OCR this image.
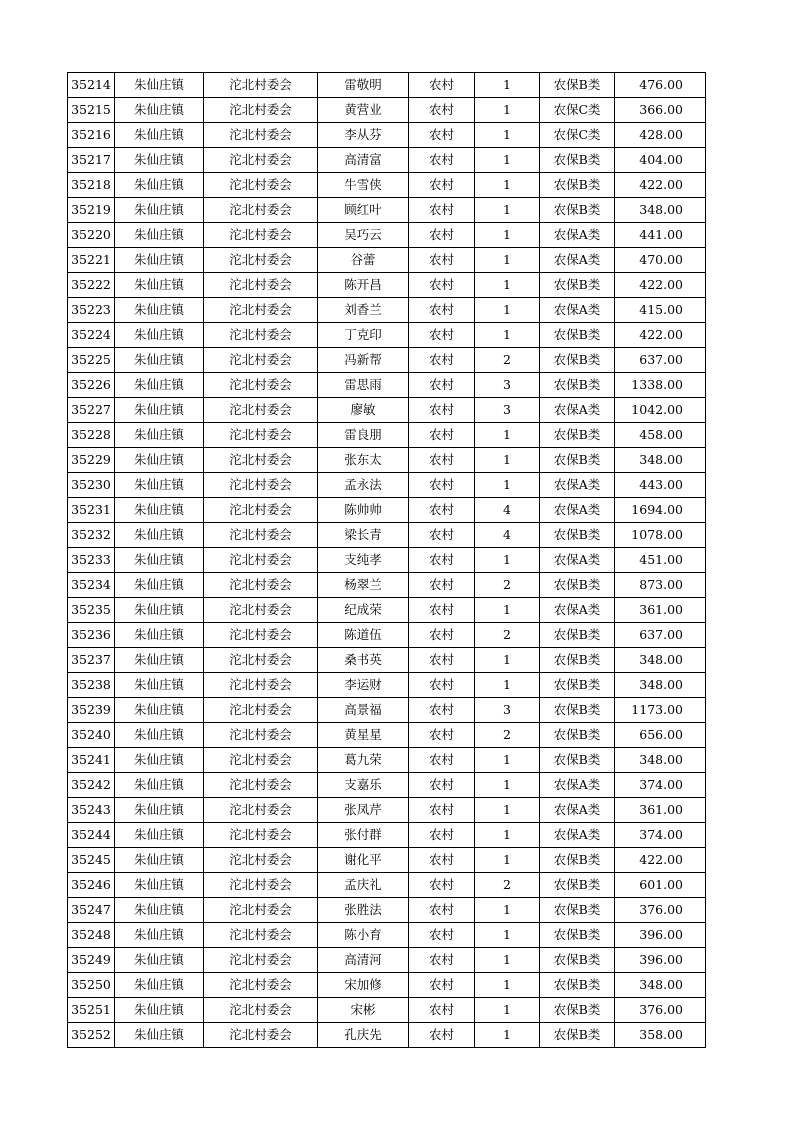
35214	朱仙庄镇	沱北村委会	雷敬明	农村	1	农保B类	476.00
35215	朱仙庄镇	沱北村委会	黄营业	农村	1	农保C类	366.00
35216	朱仙庄镇	沱北村委会	李从芬	农村	1	农保C类	428.00
35217	朱仙庄镇	沱北村委会	高清富	农村	1	农保B类	404.00
35218	朱仙庄镇	沱北村委会	牛雪侠	农村	1	农保B类	422.00
35219	朱仙庄镇	沱北村委会	顾红叶	农村	1	农保B类	348.00
35220	朱仙庄镇	沱北村委会	吴巧云	农村	1	农保A类	441.00
35221	朱仙庄镇	沱北村委会	谷蕾	农村	1	农保A类	470.00
35222	朱仙庄镇	沱北村委会	陈开昌	农村	1	农保B类	422.00
35223	朱仙庄镇	沱北村委会	刘香兰	农村	1	农保A类	415.00
35224	朱仙庄镇	沱北村委会	丁克印	农村	1	农保B类	422.00
35225	朱仙庄镇	沱北村委会	冯新帮	农村	2	农保B类	637.00
35226	朱仙庄镇	沱北村委会	雷思雨	农村	3	农保B类	1338.00
35227	朱仙庄镇	沱北村委会	廖敏	农村	3	农保A类	1042.00
35228	朱仙庄镇	沱北村委会	雷良朋	农村	1	农保B类	458.00
35229	朱仙庄镇	沱北村委会	张东太	农村	1	农保B类	348.00
35230	朱仙庄镇	沱北村委会	孟永法	农村	1	农保A类	443.00
35231	朱仙庄镇	沱北村委会	陈帅帅	农村	4	农保A类	1694.00
35232	朱仙庄镇	沱北村委会	梁长青	农村	4	农保B类	1078.00
35233	朱仙庄镇	沱北村委会	支纯孝	农村	1	农保A类	451.00
35234	朱仙庄镇	沱北村委会	杨翠兰	农村	2	农保B类	873.00
35235	朱仙庄镇	沱北村委会	纪成荣	农村	1	农保A类	361.00
35236	朱仙庄镇	沱北村委会	陈道伍	农村	2	农保B类	637.00
35237	朱仙庄镇	沱北村委会	桑书英	农村	1	农保B类	348.00
35238	朱仙庄镇	沱北村委会	李运财	农村	1	农保B类	348.00
35239	朱仙庄镇	沱北村委会	高景福	农村	3	农保B类	1173.00
35240	朱仙庄镇	沱北村委会	黄星星	农村	2	农保B类	656.00
35241	朱仙庄镇	沱北村委会	葛九荣	农村	1	农保B类	348.00
35242	朱仙庄镇	沱北村委会	支嘉乐	农村	1	农保A类	374.00
35243	朱仙庄镇	沱北村委会	张凤芹	农村	1	农保A类	361.00
35244	朱仙庄镇	沱北村委会	张付群	农村	1	农保A类	374.00
35245	朱仙庄镇	沱北村委会	谢化平	农村	1	农保B类	422.00
35246	朱仙庄镇	沱北村委会	孟庆礼	农村	2	农保B类	601.00
35247	朱仙庄镇	沱北村委会	张胜法	农村	1	农保B类	376.00
35248	朱仙庄镇	沱北村委会	陈小育	农村	1	农保B类	396.00
35249	朱仙庄镇	沱北村委会	高清河	农村	1	农保B类	396.00
35250	朱仙庄镇	沱北村委会	宋加修	农村	1	农保B类	348.00
35251	朱仙庄镇	沱北村委会	宋彬	农村	1	农保B类	376.00
35252	朱仙庄镇	沱北村委会	孔庆先	农村	1	农保B类	358.00
